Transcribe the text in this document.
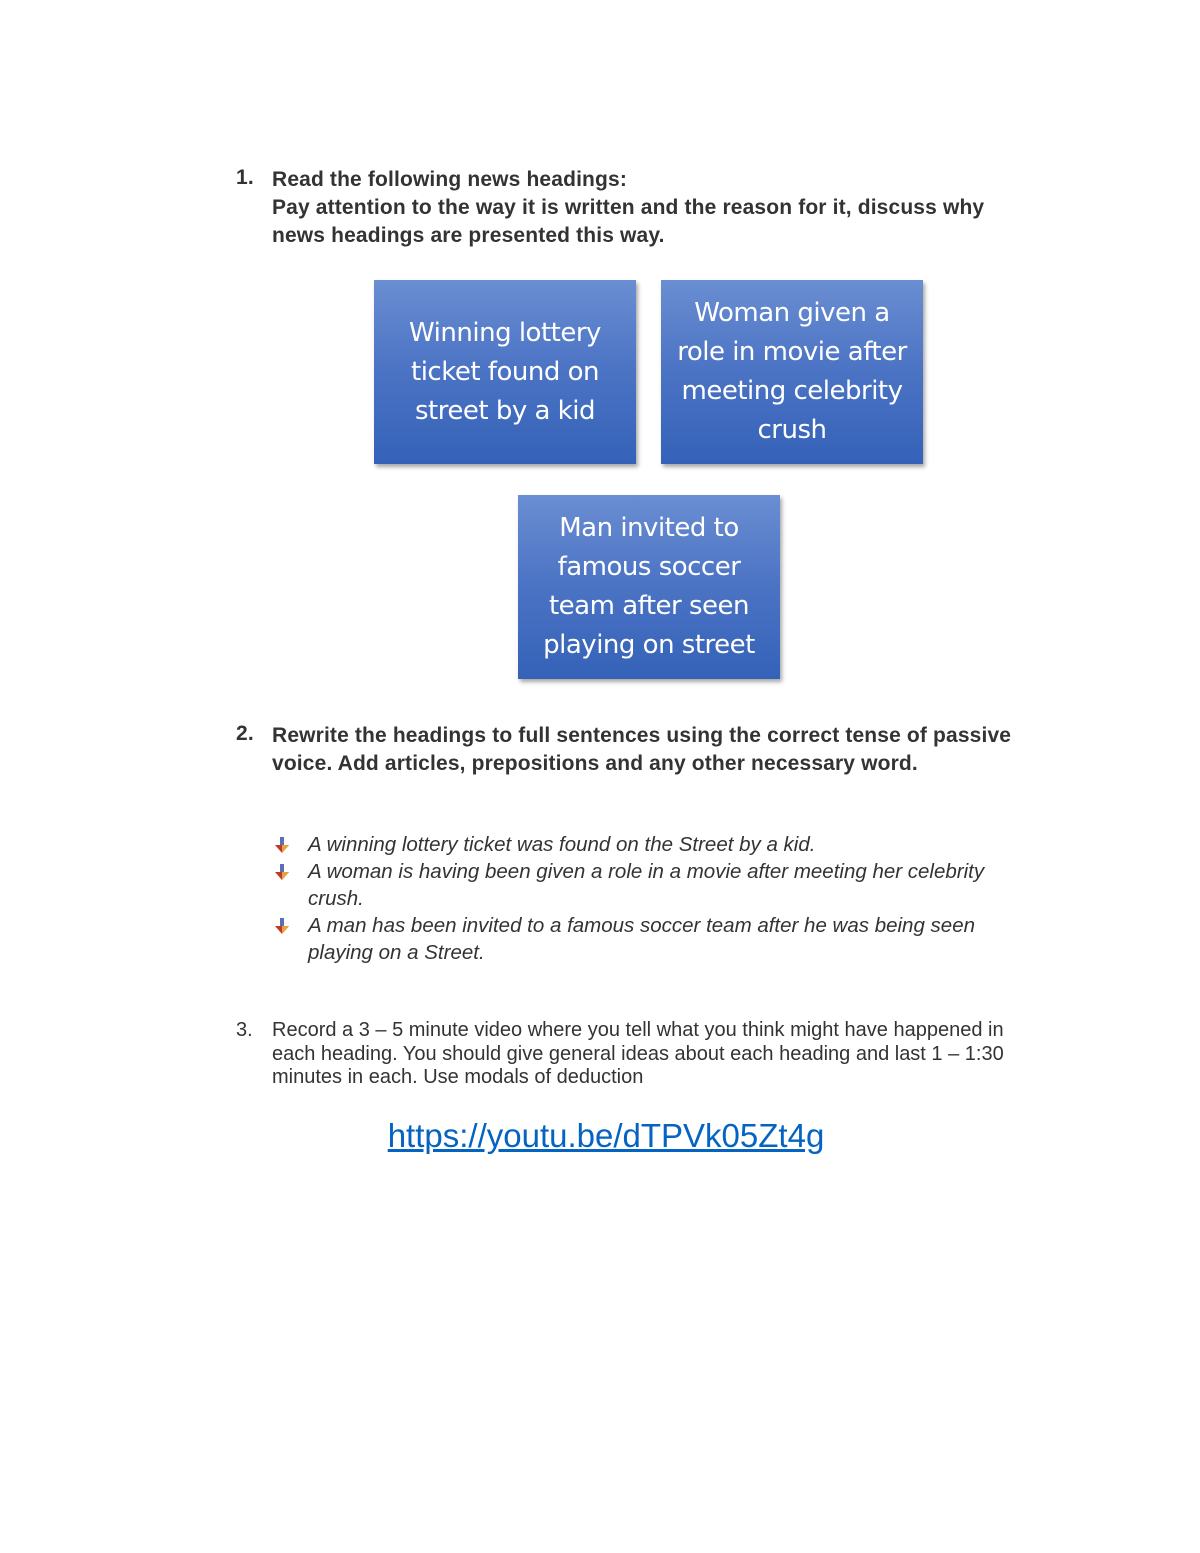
1. Read the following news headings:
Pay attention to the way it is written and the reason for it, discuss why news headings are presented this way.
Winning lottery ticket found on street by a kid
Woman given a role in movie after meeting celebrity crush
Man invited to famous soccer team after seen playing on street
2. Rewrite the headings to full sentences using the correct tense of passive voice. Add articles, prepositions and any other necessary word.
A winning lottery ticket was found on the Street by a kid.
A woman is having been given a role in a movie after meeting her celebrity crush.
A man has been invited to a famous soccer team after he was being seen playing on a Street.
3. Record a 3 – 5 minute video where you tell what you think might have happened in each heading. You should give general ideas about each heading and last 1 – 1:30 minutes in each. Use modals of deduction
https://youtu.be/dTPVk05Zt4g
